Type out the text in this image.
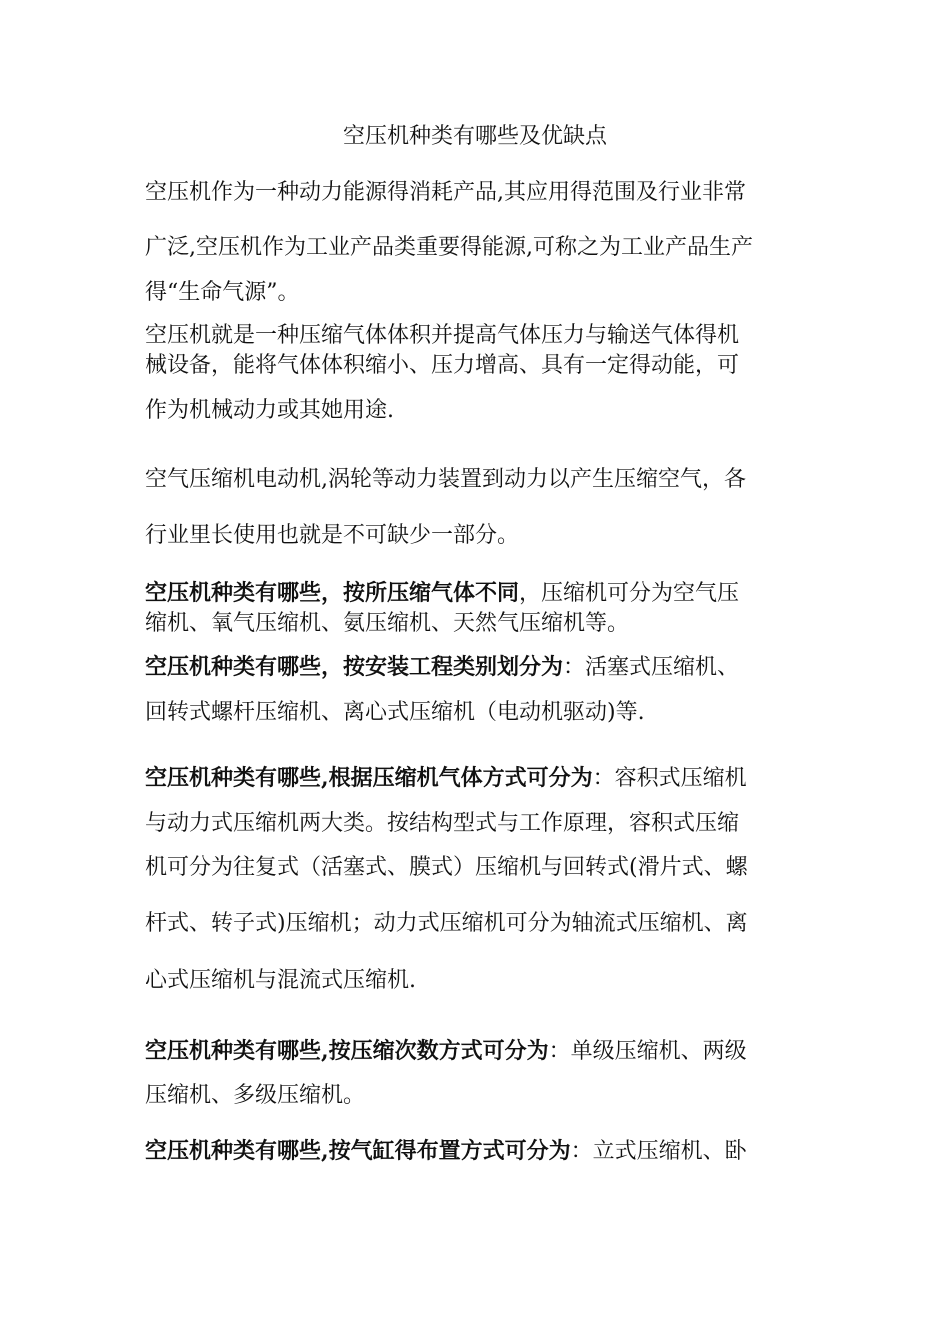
空压机种类有哪些及优缺点
空压机作为一种动力能源得消耗产品,其应用得范围及行业非常
广泛,空压机作为工业产品类重要得能源,可称之为工业产品生产
得“生命气源”。
空压机就是一种压缩气体体积并提高气体压力与输送气体得机
械设备，能将气体体积缩小、压力增高、具有一定得动能，可
作为机械动力或其她用途.
空气压缩机电动机,涡轮等动力装置到动力以产生压缩空气，各
行业里长使用也就是不可缺少一部分。
空压机种类有哪些，按所压缩气体不同，压缩机可分为空气压
缩机、氧气压缩机、氨压缩机、天然气压缩机等。
空压机种类有哪些，按安装工程类别划分为：活塞式压缩机、
回转式螺杆压缩机、离心式压缩机（电动机驱动)等.
空压机种类有哪些,根据压缩机气体方式可分为：容积式压缩机
与动力式压缩机两大类。按结构型式与工作原理，容积式压缩
机可分为往复式（活塞式、膜式）压缩机与回转式(滑片式、螺
杆式、转子式)压缩机；动力式压缩机可分为轴流式压缩机、离
心式压缩机与混流式压缩机.
空压机种类有哪些,按压缩次数方式可分为：单级压缩机、两级
压缩机、多级压缩机。
空压机种类有哪些,按气缸得布置方式可分为：立式压缩机、卧
